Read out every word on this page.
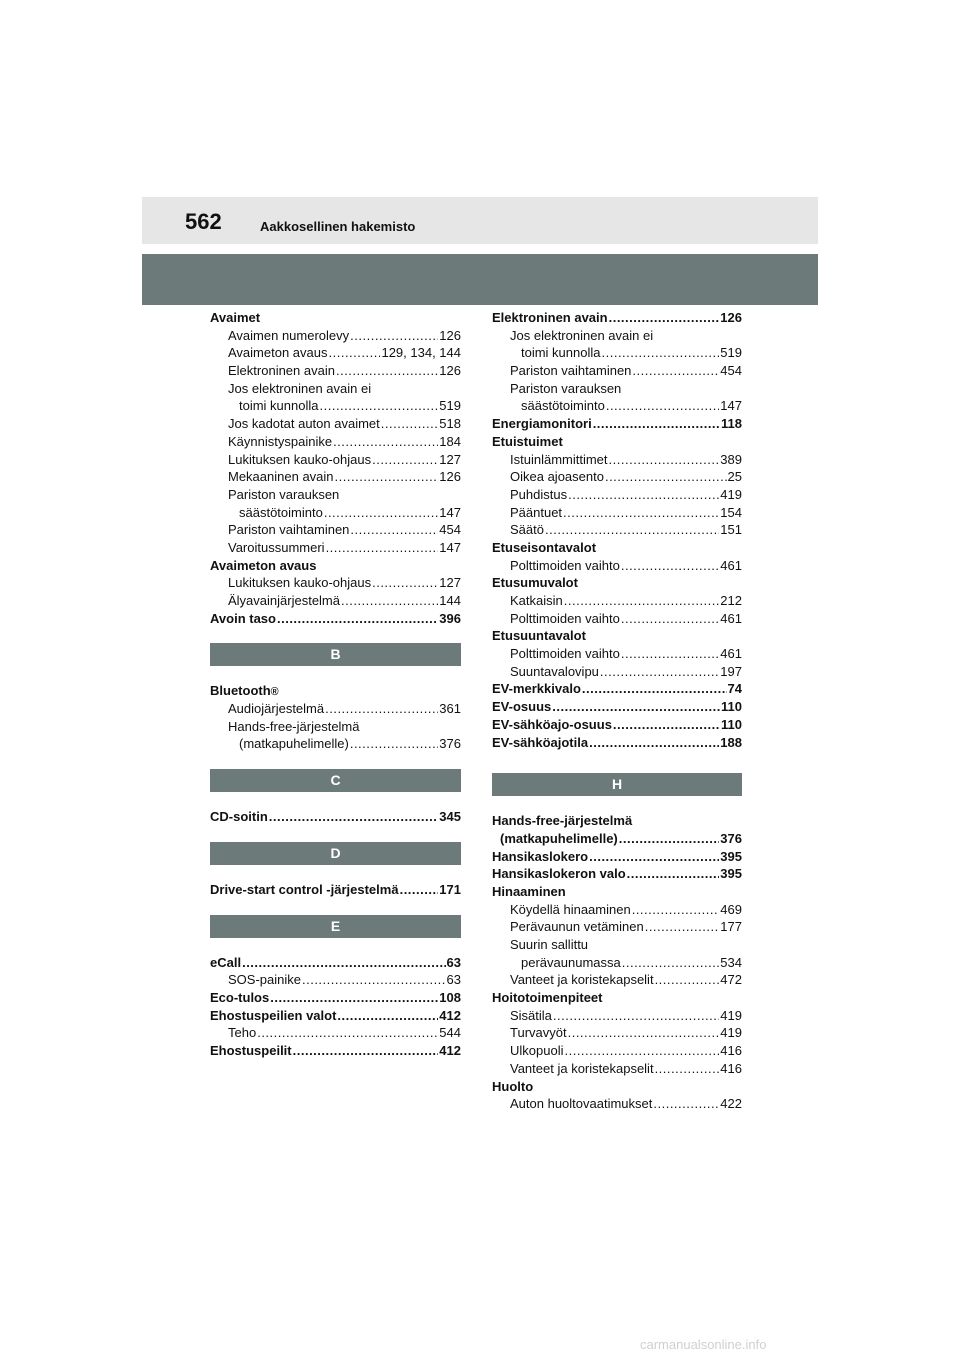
562	Aakkosellinen hakemisto
Avaimet
Avaimen numerolevy .....	126
Avaimeton avaus .....	129, 134, 144
Elektroninen avain .....	126
Jos elektroninen avain ei
toimi kunnolla .....	519
Jos kadotat auton avaimet .....	518
Käynnistyspainike .....	184
Lukituksen kauko-ohjaus .....	127
Mekaaninen avain .....	126
Pariston varauksen
säästötoiminto .....	147
Pariston vaihtaminen .....	454
Varoitussummeri .....	147
Avaimeton avaus
Lukituksen kauko-ohjaus .....	127
Älyavainjärjestelmä .....	144
Avoin taso .....	396
B
Bluetooth ®
Audiojärjestelmä .....	361
Hands-free-järjestelmä
(matkapuhelimelle) .....	376
C
CD-soitin .....	345
D
Drive-start control -järjestelmä .....	171
E
eCall .....	63
SOS-painike .....	63
Eco-tulos .....	108
Ehostuspeilien valot .....	412
Teho .....	544
Ehostuspeilit .....	412
Elektroninen avain .....	126
Jos elektroninen avain ei
toimi kunnolla .....	519
Pariston vaihtaminen .....	454
Pariston varauksen
säästötoiminto .....	147
Energiamonitori .....	118
Etuistuimet
Istuinlämmittimet .....	389
Oikea ajoasento .....	25
Puhdistus .....	419
Pääntuet .....	154
Säätö .....	151
Etuseisontavalot
Polttimoiden vaihto .....	461
Etusumuvalot
Katkaisin .....	212
Polttimoiden vaihto .....	461
Etusuuntavalot
Polttimoiden vaihto .....	461
Suuntavalovipu .....	197
EV-merkkivalo .....	74
EV-osuus .....	110
EV-sähköajo-osuus .....	110
EV-sähköajotila .....	188
H
Hands-free-järjestelmä
(matkapuhelimelle) .....	376
Hansikaslokero .....	395
Hansikaslokeron valo .....	395
Hinaaminen
Köydellä hinaaminen .....	469
Perävaunun vetäminen .....	177
Suurin sallittu
perävaunumassa .....	534
Vanteet ja koristekapselit .....	472
Hoitotoimenpiteet
Sisätila .....	419
Turvavyöt .....	419
Ulkopuoli .....	416
Vanteet ja koristekapselit .....	416
Huolto
Auton huoltovaatimukset .....	422
carmanualsonline.info
